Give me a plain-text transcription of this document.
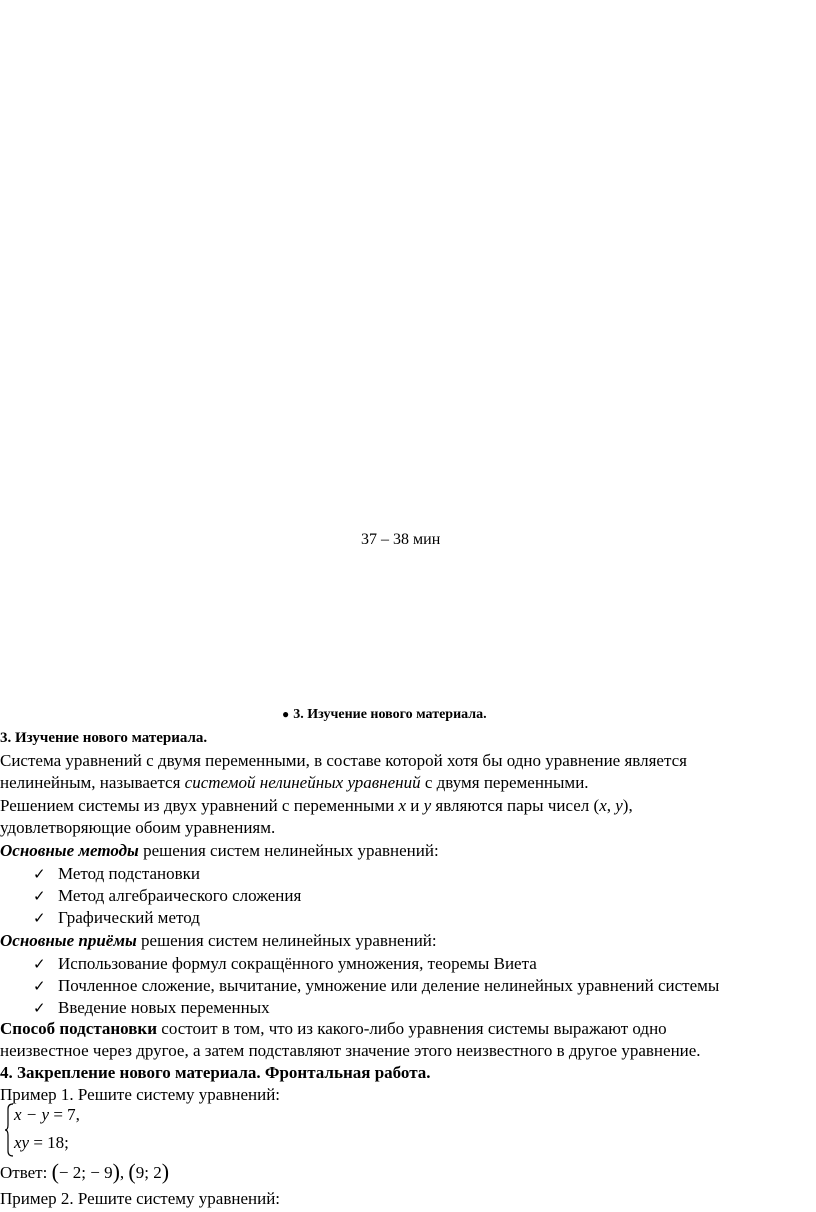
37 – 38 мин
● 3. Изучение нового материала.
3. Изучение нового материала.
Система уравнений с двумя переменными, в составе которой хотя бы одно уравнение является
нелинейным, называется системой нелинейных уравнений с двумя переменными.
Решением системы из двух уравнений с переменными x и y являются пары чисел (x, y),
удовлетворяющие обоим уравнениям.
Основные методы решения систем нелинейных уравнений:
✓ Метод подстановки
✓ Метод алгебраического сложения
✓ Графический метод
Основные приёмы решения систем нелинейных уравнений:
✓ Использование формул сокращённого умножения, теоремы Виета
✓ Почленное сложение, вычитание, умножение или деление нелинейных уравнений системы
✓ Введение новых переменных
Способ подстановки состоит в том, что из какого-либо уравнения системы выражают одно
неизвестное через другое, а затем подставляют значение этого неизвестного в другое уравнение.
4. Закрепление нового материала. Фронтальная работа.
Пример 1. Решите систему уравнений:
x − y = 7,
xy = 18;
Ответ: (− 2; − 9), (9; 2)
Пример 2. Решите систему уравнений:
